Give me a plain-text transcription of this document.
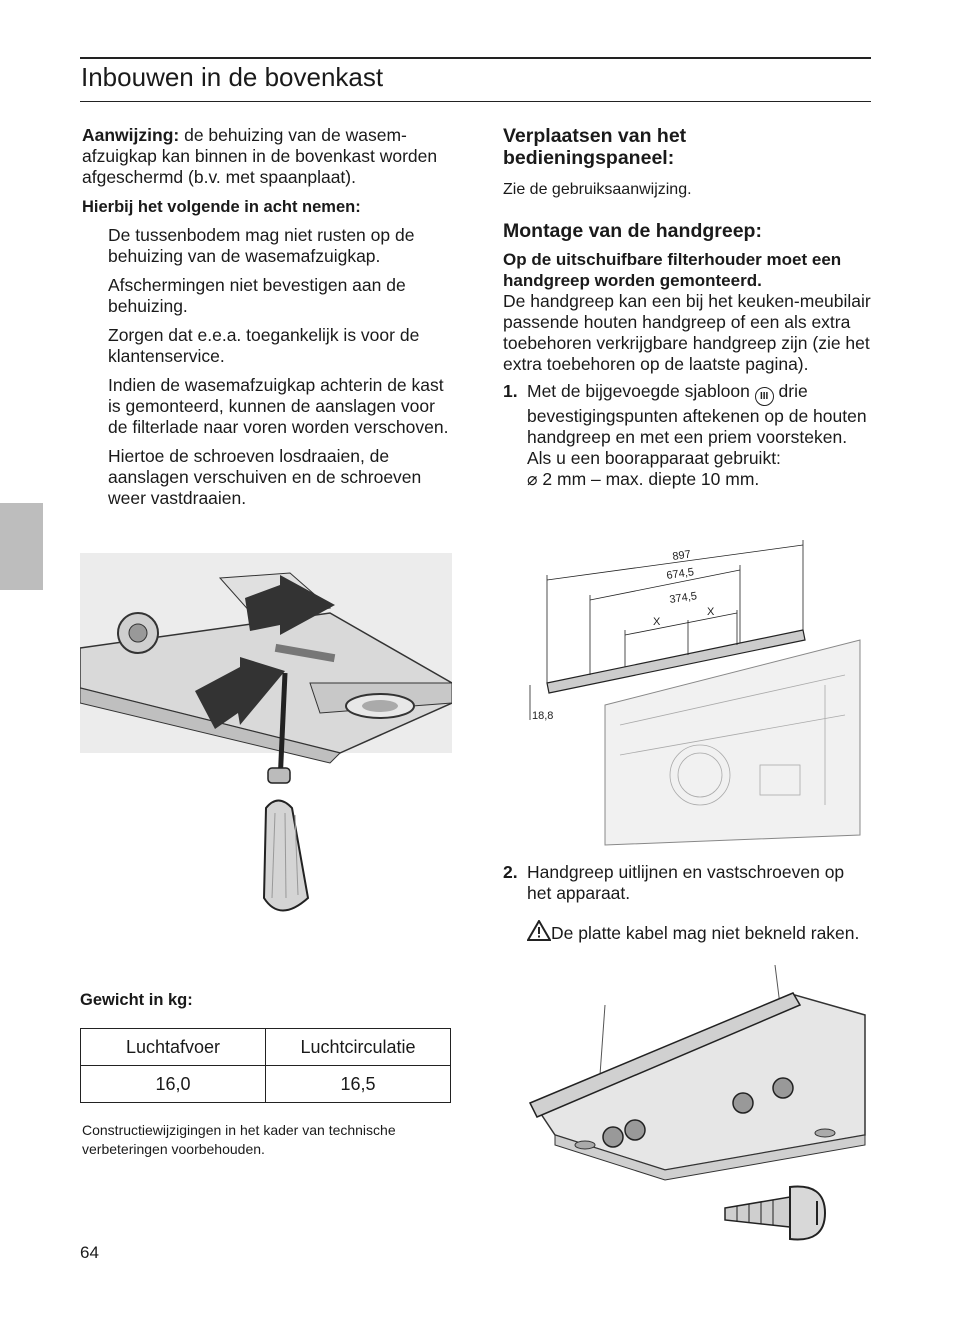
Inbouwen in de bovenkast

Aanwijzing: de behuizing van de wasem-afzuigkap kan binnen in de bovenkast worden afgeschermd (b.v. met spaanplaat).

Hierbij het volgende in acht nemen:

De tussenbodem mag niet rusten op de behuizing van de wasemafzuigkap.

Afschermingen niet bevestigen aan de behuizing.

Zorgen dat e.e.a. toegankelijk is voor de klantenservice.

Indien de wasemafzuigkap achterin de kast is gemonteerd, kunnen de aanslagen voor de filterlade naar voren worden verschoven.

Hiertoe de schroeven losdraaien, de aanslagen verschuiven en de schroeven weer vastdraaien.

Gewicht in kg:
Luchtafvoer	Luchtcirculatie
16,0	16,5

Constructiewijzigingen in het kader van technische verbeteringen voorbehouden.

64
Verplaatsen van het bedieningspaneel:

Zie de gebruiksaanwijzing.

Montage van de handgreep:

Op de uitschuifbare filterhouder moet een handgreep worden gemonteerd.

De handgreep kan een bij het keuken-meubilair passende houten handgreep of een als extra toebehoren verkrijgbare handgreep zijn (zie het extra toebehoren op de laatste pagina).

1. Met de bijgevoegde sjabloon III drie bevestigingspunten aftekenen op de houten handgreep en met een priem voorsteken.
Als u een boorapparaat gebruikt:
⌀ 2 mm – max. diepte 10 mm.
897
674,5
374,5
X
X
18,8
2. Handgreep uitlijnen en vastschroeven op het apparaat.
De platte kabel mag niet bekneld raken.
